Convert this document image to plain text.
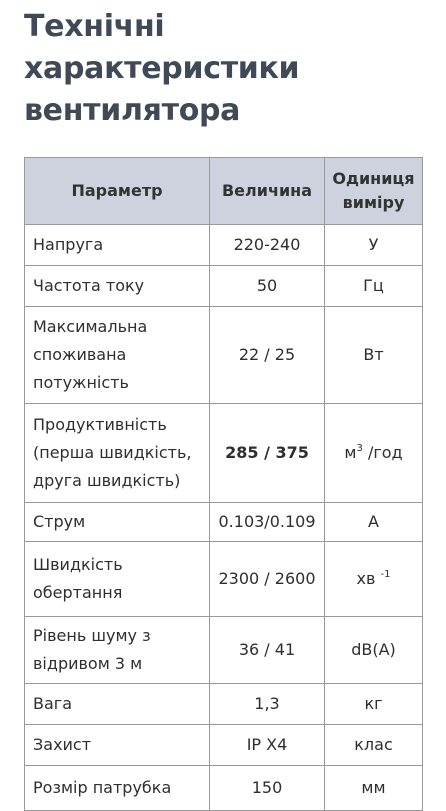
Технічні характеристики вентилятора
Параметр	Величина	Одиниця виміру
Напруга	220-240	У
Частота току	50	Гц
Максимальна споживана потужність	22 / 25	Вт
Продуктивність (перша швидкість, друга швидкість)	285 / 375	$м^3$ /год
Струм	0.103/0.109	А
Швидкість обертання	2300 / 2600	хв $^{-1}$
Рівень шуму з відривом 3 м	36 / 41	dB(A)
Вага	1,3	кг
Захист	IP X4	клас
Розмір патрубка	150	мм
